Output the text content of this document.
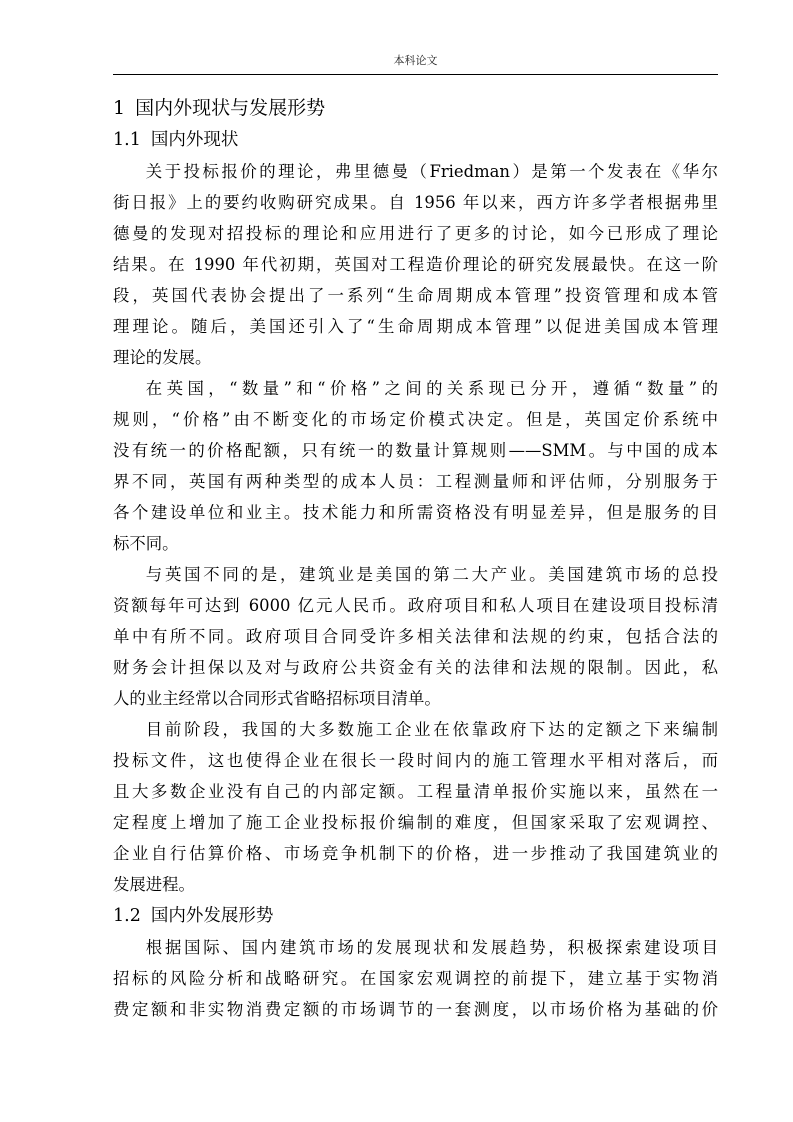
本科论文
1 国内外现状与发展形势
1.1 国内外现状

关于投标报价的理论，弗里德曼（Friedman）是第一个发表在《华尔
街日报》上的要约收购研究成果。自 1956 年以来，西方许多学者根据弗里
德曼的发现对招投标的理论和应用进行了更多的讨论，如今已形成了理论
结果。在 1990 年代初期，英国对工程造价理论的研究发展最快。在这一阶
段，英国代表协会提出了一系列“生命周期成本管理”投资管理和成本管
理理论。随后，美国还引入了“生命周期成本管理”以促进美国成本管理
理论的发展。

在英国，“数量”和“价格”之间的关系现已分开，遵循“数量”的
规则，“价格”由不断变化的市场定价模式决定。但是，英国定价系统中
没有统一的价格配额，只有统一的数量计算规则——SMM。与中国的成本
界不同，英国有两种类型的成本人员：工程测量师和评估师，分别服务于
各个建设单位和业主。技术能力和所需资格没有明显差异，但是服务的目
标不同。

与英国不同的是，建筑业是美国的第二大产业。美国建筑市场的总投
资额每年可达到 6000 亿元人民币。政府项目和私人项目在建设项目投标清
单中有所不同。政府项目合同受许多相关法律和法规的约束，包括合法的
财务会计担保以及对与政府公共资金有关的法律和法规的限制。因此，私
人的业主经常以合同形式省略招标项目清单。

目前阶段，我国的大多数施工企业在依靠政府下达的定额之下来编制
投标文件，这也使得企业在很长一段时间内的施工管理水平相对落后，而
且大多数企业没有自己的内部定额。工程量清单报价实施以来，虽然在一
定程度上增加了施工企业投标报价编制的难度，但国家采取了宏观调控、
企业自行估算价格、市场竞争机制下的价格，进一步推动了我国建筑业的
发展进程。

1.2 国内外发展形势

根据国际、国内建筑市场的发展现状和发展趋势，积极探索建设项目
招标的风险分析和战略研究。在国家宏观调控的前提下，建立基于实物消
费定额和非实物消费定额的市场调节的一套测度，以市场价格为基础的价
